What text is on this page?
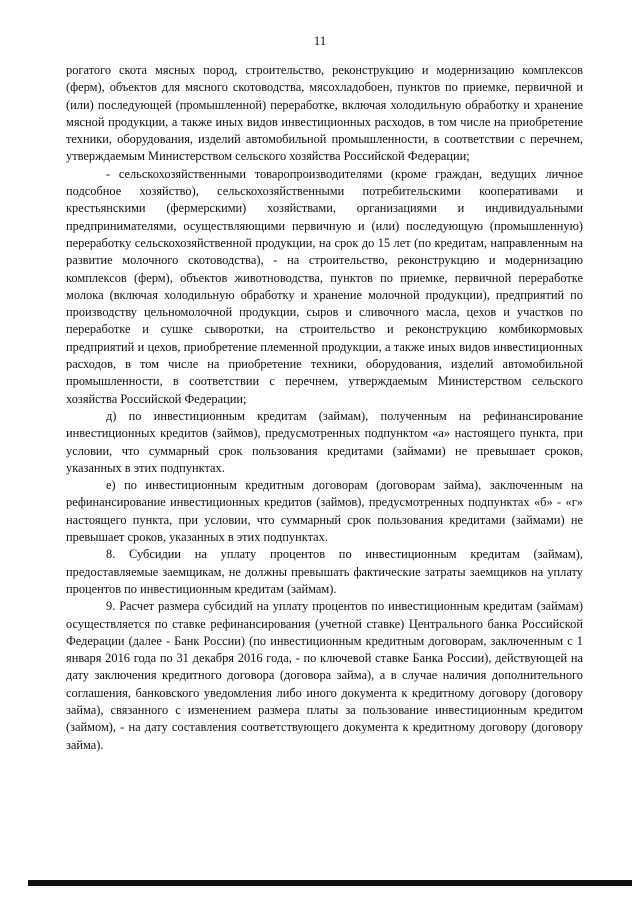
11

рогатого скота мясных пород, строительство, реконструкцию и модернизацию комплексов (ферм), объектов для мясного скотоводства, мясохладобоен, пунктов по приемке, первичной и (или) последующей (промышленной) переработке, включая холодильную обработку и хранение мясной продукции, а также иных видов инвестиционных расходов, в том числе на приобретение техники, оборудования, изделий автомобильной промышленности, в соответствии с перечнем, утверждаемым Министерством сельского хозяйства Российской Федерации;

- сельскохозяйственными товаропроизводителями (кроме граждан, ведущих личное подсобное хозяйство), сельскохозяйственными потребительскими кооперативами и крестьянскими (фермерскими) хозяйствами, организациями и индивидуальными предпринимателями, осуществляющими первичную и (или) последующую (промышленную) переработку сельскохозяйственной продукции, на срок до 15 лет (по кредитам, направленным на развитие молочного скотоводства), - на строительство, реконструкцию и модернизацию комплексов (ферм), объектов животноводства, пунктов по приемке, первичной переработке молока (включая холодильную обработку и хранение молочной продукции), предприятий по производству цельномолочной продукции, сыров и сливочного масла, цехов и участков по переработке и сушке сыворотки, на строительство и реконструкцию комбикормовых предприятий и цехов, приобретение племенной продукции, а также иных видов инвестиционных расходов, в том числе на приобретение техники, оборудования, изделий автомобильной промышленности, в соответствии с перечнем, утверждаемым Министерством сельского хозяйства Российской Федерации;

д) по инвестиционным кредитам (займам), полученным на рефинансирование инвестиционных кредитов (займов), предусмотренных подпунктом «а» настоящего пункта, при условии, что суммарный срок пользования кредитами (займами) не превышает сроков, указанных в этих подпунктах.

е) по инвестиционным кредитным договорам (договорам займа), заключенным на рефинансирование инвестиционных кредитов (займов), предусмотренных подпунктах «б» - «г» настоящего пункта, при условии, что суммарный срок пользования кредитами (займами) не превышает сроков, указанных в этих подпунктах.

8. Субсидии на уплату процентов по инвестиционным кредитам (займам), предоставляемые заемщикам, не должны превышать фактические затраты заемщиков на уплату процентов по инвестиционным кредитам (займам).

9. Расчет размера субсидий на уплату процентов по инвестиционным кредитам (займам) осуществляется по ставке рефинансирования (учетной ставке) Центрального банка Российской Федерации (далее - Банк России) (по инвестиционным кредитным договорам, заключенным с 1 января 2016 года по 31 декабря 2016 года, - по ключевой ставке Банка России), действующей на дату заключения кредитного договора (договора займа), а в случае наличия дополнительного соглашения, банковского уведомления либо иного документа к кредитному договору (договору займа), связанного с изменением размера платы за пользование инвестиционным кредитом (займом), - на дату составления соответствующего документа к кредитному договору (договору займа).
